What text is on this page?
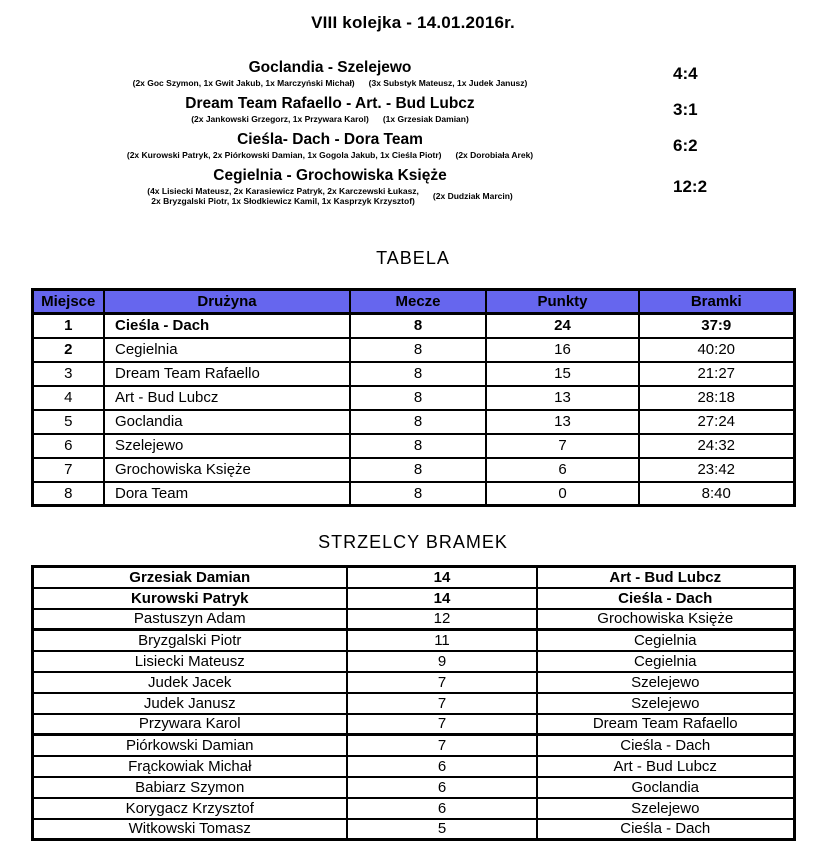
VIII kolejka - 14.01.2016r.
Goclandia - Szelejewo
(2x Goc Szymon, 1x Gwit Jakub, 1x Marczyński Michał) (3x Substyk Mateusz, 1x Judek Janusz)
4:4
Dream Team Rafaello - Art. - Bud Lubcz
(2x Jankowski Grzegorz, 1x Przywara Karol) (1x Grzesiak Damian)
3:1
Cieśla- Dach - Dora Team
(2x Kurowski Patryk, 2x Piórkowski Damian, 1x Gogola Jakub, 1x Cieśla Piotr) (2x Dorobiała Arek)
6:2
Cegielnia - Grochowiska Księże
(4x Lisiecki Mateusz, 2x Karasiewicz Patryk, 2x Karczewski Łukasz,
2x Bryzgalski Piotr, 1x Słodkiewicz Kamil, 1x Kasprzyk Krzysztof)	(2x Dudziak Marcin)
12:2
TABELA
Miejsce	Drużyna	Mecze	Punkty	Bramki
1	Cieśla - Dach	8	24	37:9
2	Cegielnia	8	16	40:20
3	Dream Team Rafaello	8	15	21:27
4	Art - Bud Lubcz	8	13	28:18
5	Goclandia	8	13	27:24
6	Szelejewo	8	7	24:32
7	Grochowiska Księże	8	6	23:42
8	Dora Team	8	0	8:40
STRZELCY BRAMEK
Grzesiak Damian	14	Art - Bud Lubcz
Kurowski Patryk	14	Cieśla - Dach
Pastuszyn Adam	12	Grochowiska Księże
Bryzgalski Piotr	11	Cegielnia
Lisiecki Mateusz	9	Cegielnia
Judek Jacek	7	Szelejewo
Judek Janusz	7	Szelejewo
Przywara Karol	7	Dream Team Rafaello
Piórkowski Damian	7	Cieśla - Dach
Frąckowiak Michał	6	Art - Bud Lubcz
Babiarz Szymon	6	Goclandia
Korygacz Krzysztof	6	Szelejewo
Witkowski Tomasz	5	Cieśla - Dach
